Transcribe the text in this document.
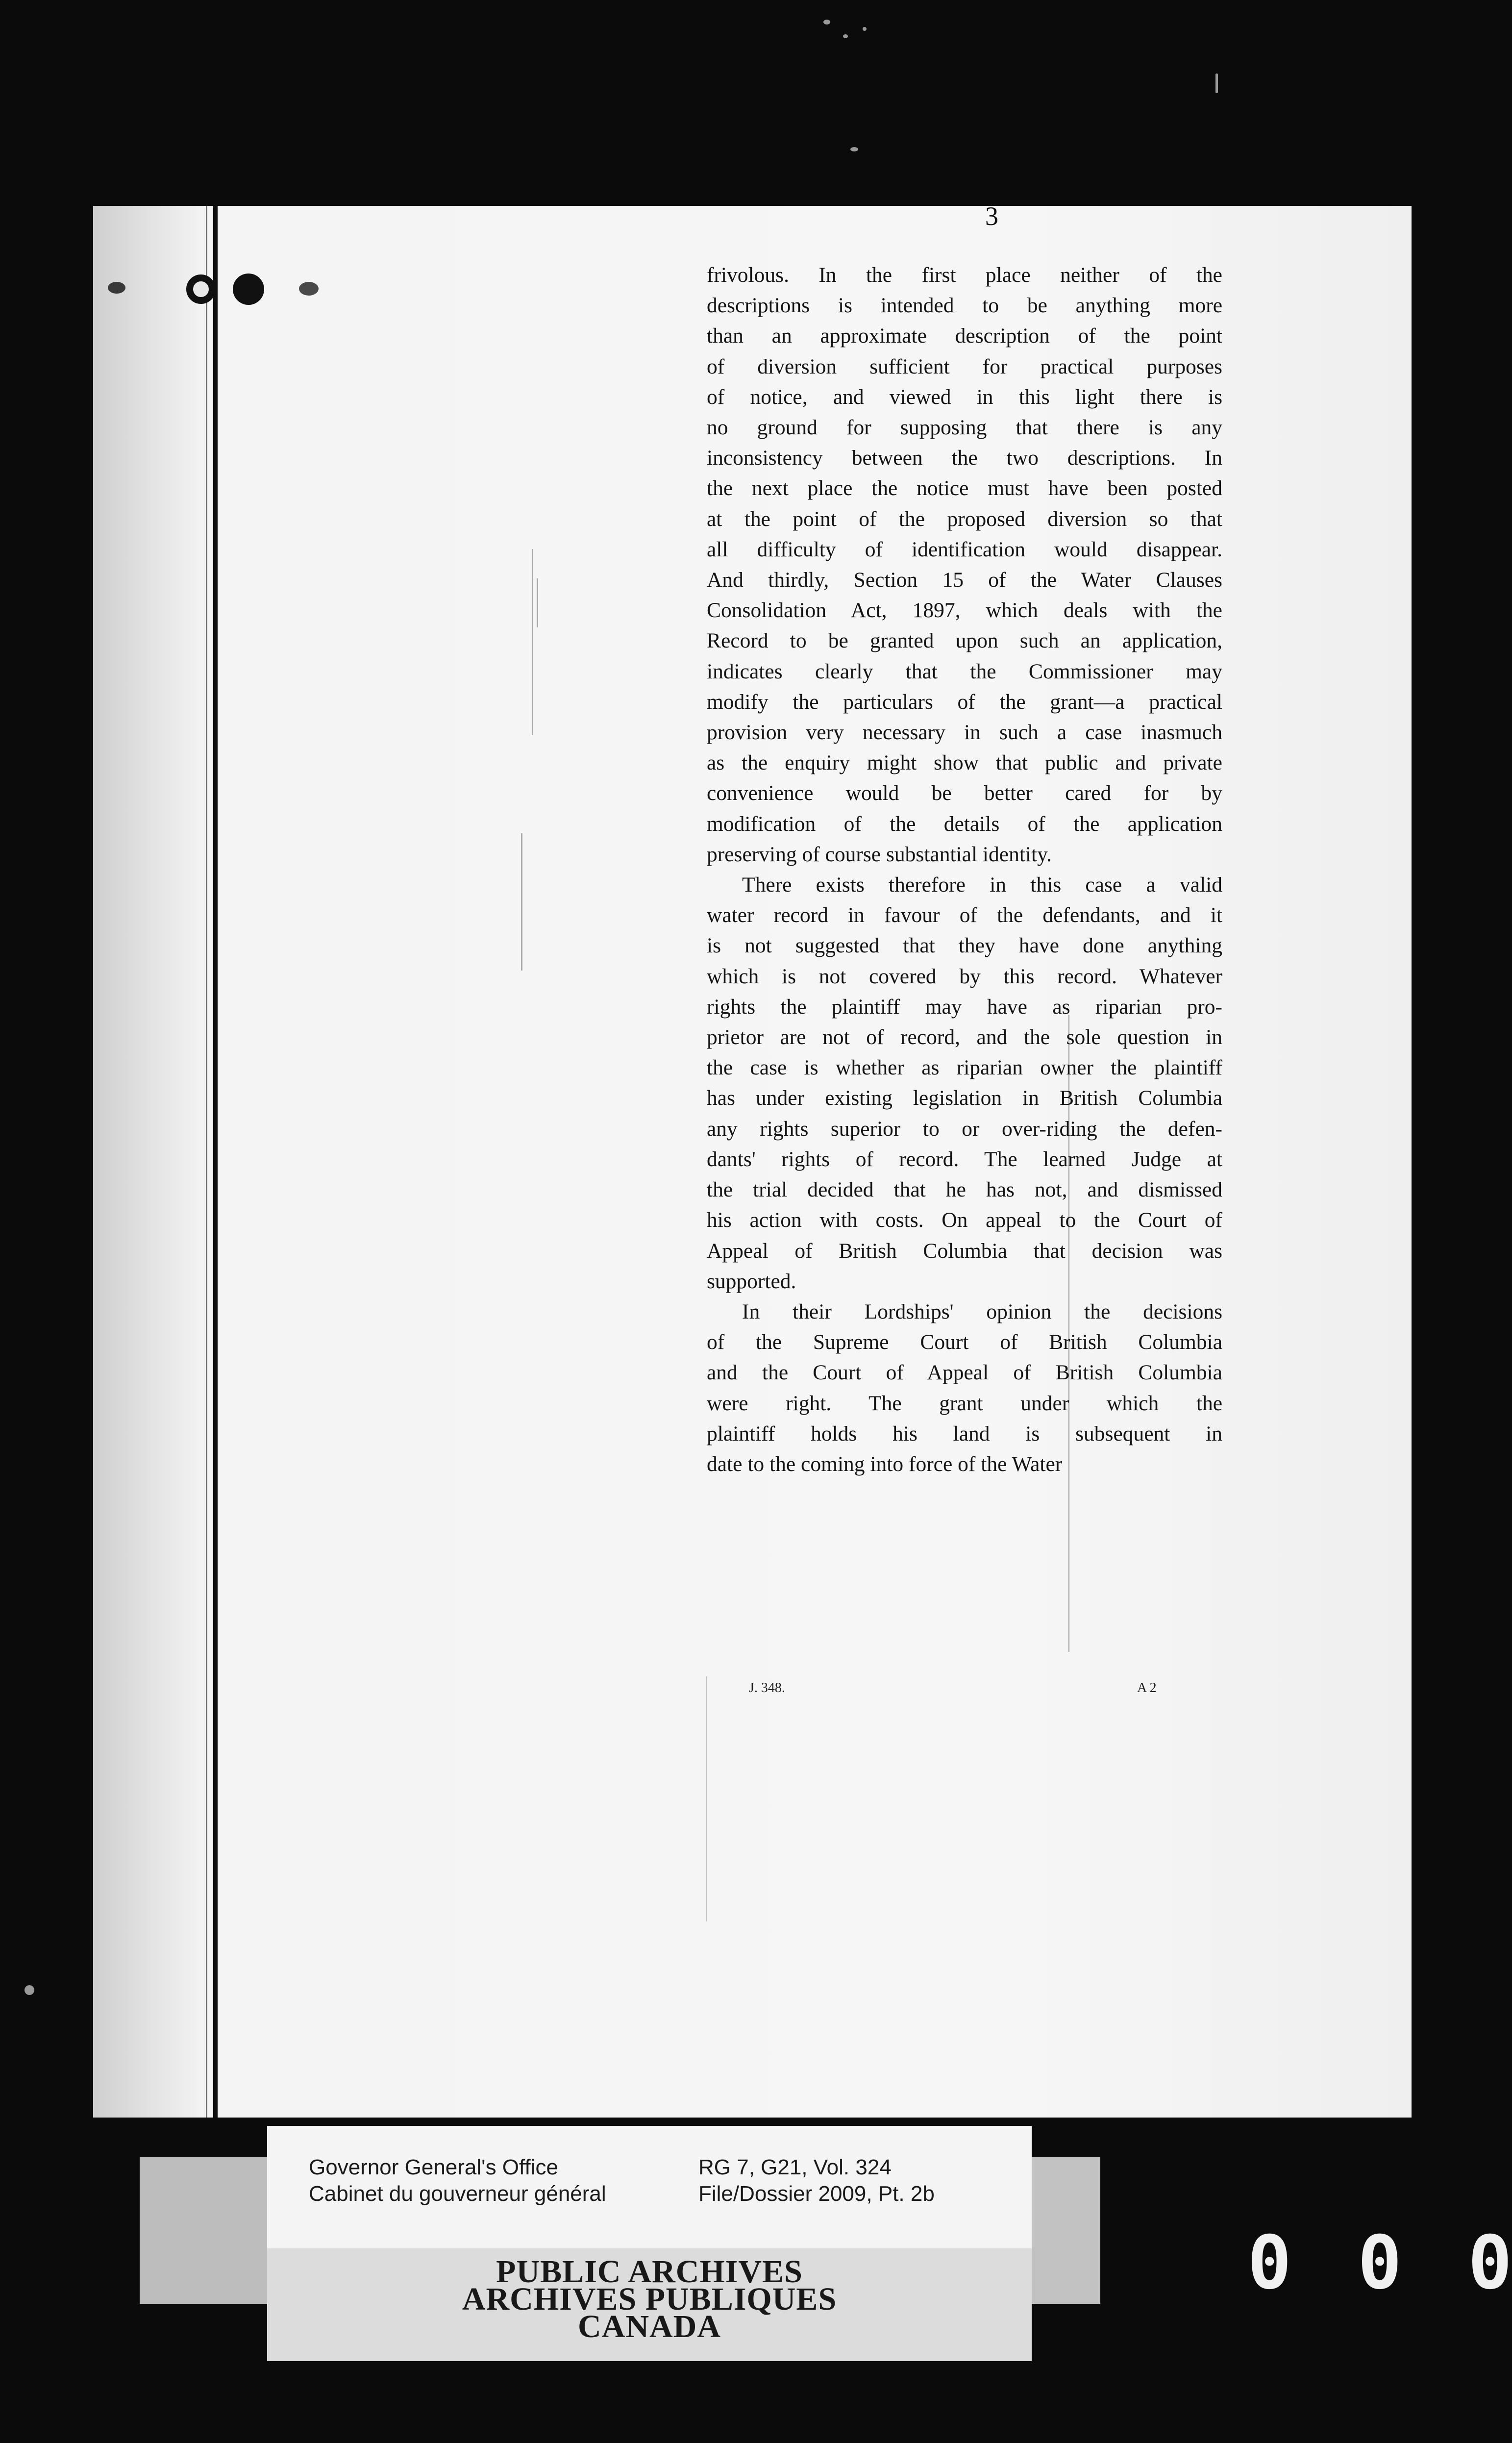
3

frivolous. In the first place neither of the
descriptions is intended to be anything more
than an approximate description of the point
of diversion sufficient for practical purposes
of notice, and viewed in this light there is
no ground for supposing that there is any
inconsistency between the two descriptions. In
the next place the notice must have been posted
at the point of the proposed diversion so that
all difficulty of identification would disappear.
And thirdly, Section 15 of the Water Clauses
Consolidation Act, 1897, which deals with the
Record to be granted upon such an application,
indicates clearly that the Commissioner may
modify the particulars of the grant—a practical
provision very necessary in such a case inasmuch
as the enquiry might show that public and private
convenience would be better cared for by
modification of the details of the application
preserving of course substantial identity.

There exists therefore in this case a valid
water record in favour of the defendants, and it
is not suggested that they have done anything
which is not covered by this record. Whatever
rights the plaintiff may have as riparian pro-
prietor are not of record, and the sole question in
the case is whether as riparian owner the plaintiff
has under existing legislation in British Columbia
any rights superior to or over-riding the defen-
dants' rights of record. The learned Judge at
the trial decided that he has not, and dismissed
his action with costs. On appeal to the Court of
Appeal of British Columbia that decision was
supported.

In their Lordships' opinion the decisions
of the Supreme Court of British Columbia
and the Court of Appeal of British Columbia
were right. The grant under which the
plaintiff holds his land is subsequent in
date to the coming into force of the Water

J. 348.	A 2
Governor General's Office
Cabinet du gouverneur général
RG 7, G21, Vol. 324
File/Dossier 2009, Pt. 2b
PUBLIC ARCHIVES
ARCHIVES PUBLIQUES
CANADA
0 0 0
